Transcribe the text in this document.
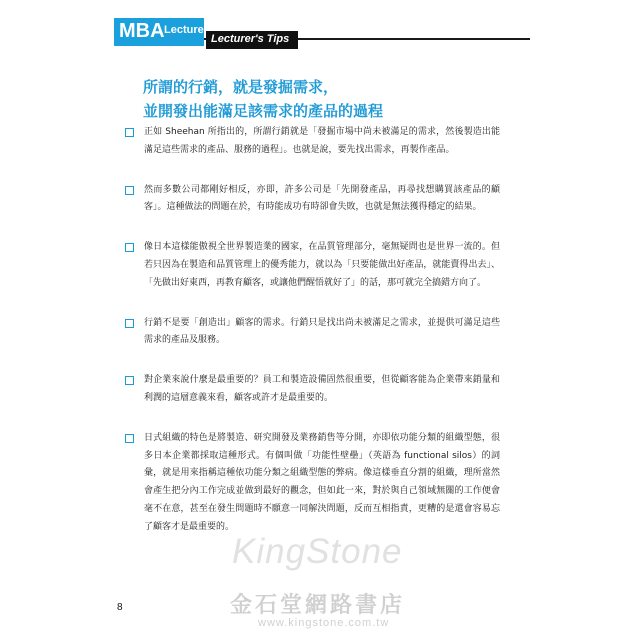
MBA Lecture
Lecturer's Tips
所謂的行銷，就是發掘需求，
並開發出能滿足該需求的產品的過程
正如 Sheehan 所指出的，所謂行銷就是「發掘市場中尚未被滿足的需求，然後製造出能滿足這些需求的產品、服務的過程」。也就是說，要先找出需求，再製作產品。
然而多數公司都剛好相反，亦即，許多公司是「先開發產品，再尋找想購買該產品的顧客」。這種做法的問題在於，有時能成功有時卻會失敗，也就是無法獲得穩定的結果。
像日本這樣能傲視全世界製造業的國家，在品質管理部分，毫無疑問也是世界一流的。但若只因為在製造和品質管理上的優秀能力，就以為「只要能做出好產品，就能賣得出去」、「先做出好東西，再教育顧客，或讓他們醒悟就好了」的話，那可就完全搞錯方向了。
行銷不是要「創造出」顧客的需求。行銷只是找出尚未被滿足之需求，並提供可滿足這些需求的產品及服務。
對企業來說什麼是最重要的？員工和製造設備固然很重要，但從顧客能為企業帶來銷量和利潤的這層意義來看，顧客或許才是最重要的。
日式組織的特色是將製造、研究開發及業務銷售等分開，亦即依功能分類的組織型態，很多日本企業都採取這種形式。有個叫做「功能性壁壘」（英語為 functional silos）的詞彙，就是用來指稱這種依功能分類之組織型態的弊病。像這樣垂直分割的組織，理所當然會產生把分內工作完成並做到最好的觀念，但如此一來，對於與自己領域無關的工作便會毫不在意，甚至在發生問題時不願意一同解決問題，反而互相指責，更糟的是還會容易忘了顧客才是最重要的。
KingStone
金石堂網路書店
www.kingstone.com.tw
8
